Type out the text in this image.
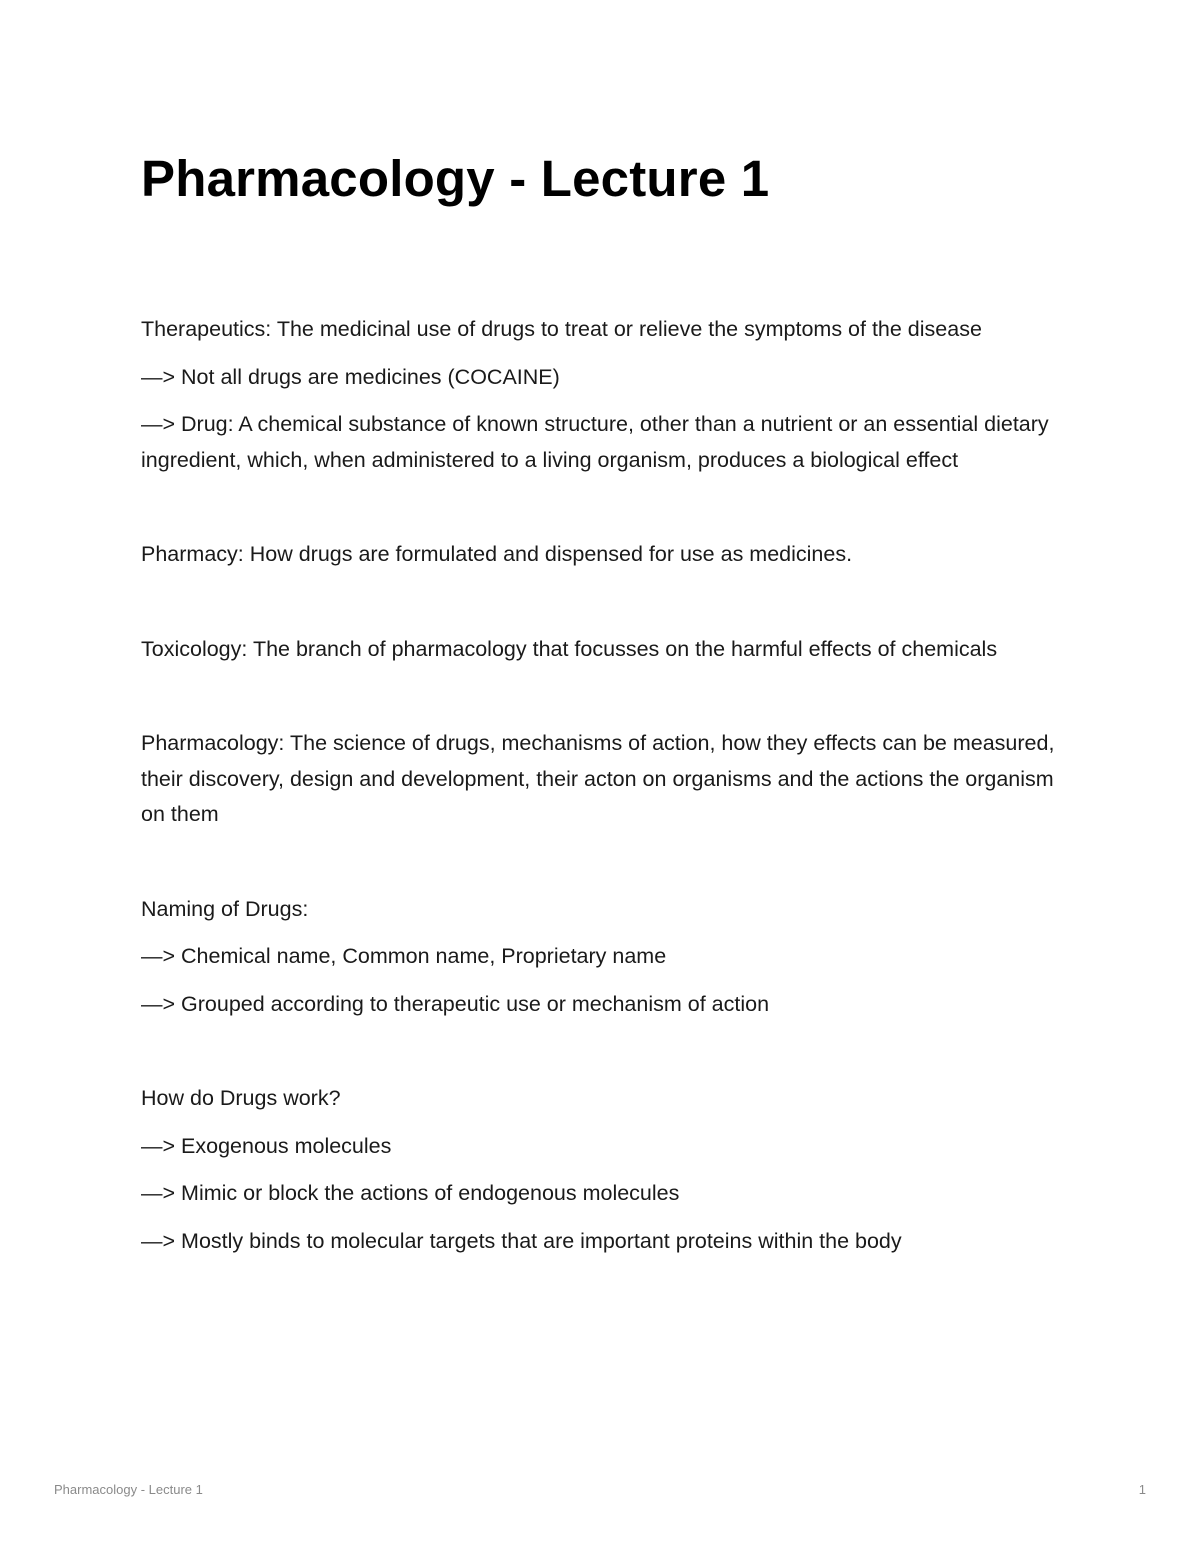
Pharmacology - Lecture 1

Therapeutics: The medicinal use of drugs to treat or relieve the symptoms of the disease

—> Not all drugs are medicines (COCAINE)

—> Drug: A chemical substance of known structure, other than a nutrient or an essential dietary ingredient, which, when administered to a living organism, produces a biological effect

Pharmacy: How drugs are formulated and dispensed for use as medicines.

Toxicology: The branch of pharmacology that focusses on the harmful effects of chemicals

Pharmacology: The science of drugs, mechanisms of action, how they effects can be measured, their discovery, design and development, their acton on organisms and the actions the organism on them

Naming of Drugs:

—> Chemical name, Common name, Proprietary name

—> Grouped according to therapeutic use or mechanism of action

How do Drugs work?

—> Exogenous molecules

—> Mimic or block the actions of endogenous molecules

—> Mostly binds to molecular targets that are important proteins within the body

Pharmacology - Lecture 1	1
